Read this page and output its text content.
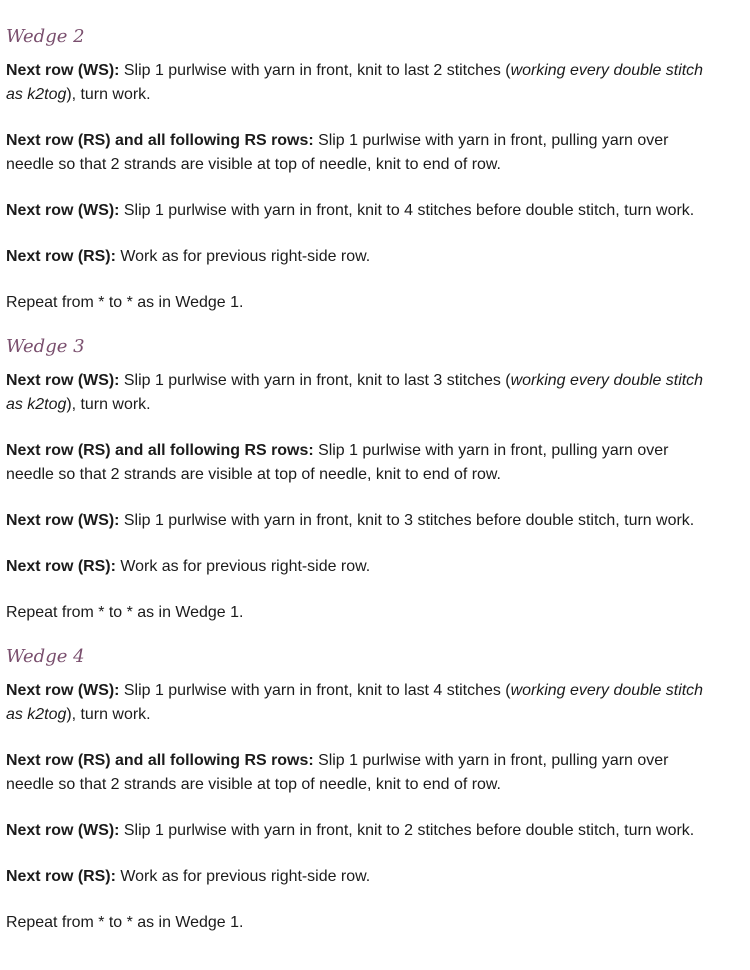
Wedge 2

Next row (WS): Slip 1 purlwise with yarn in front, knit to last 2 stitches (working every double stitch
as k2tog), turn work.

Next row (RS) and all following RS rows: Slip 1 purlwise with yarn in front, pulling yarn over
needle so that 2 strands are visible at top of needle, knit to end of row.

Next row (WS): Slip 1 purlwise with yarn in front, knit to 4 stitches before double stitch, turn work.

Next row (RS): Work as for previous right-side row.

Repeat from * to * as in Wedge 1.

Wedge 3

Next row (WS): Slip 1 purlwise with yarn in front, knit to last 3 stitches (working every double stitch
as k2tog), turn work.

Next row (RS) and all following RS rows: Slip 1 purlwise with yarn in front, pulling yarn over
needle so that 2 strands are visible at top of needle, knit to end of row.

Next row (WS): Slip 1 purlwise with yarn in front, knit to 3 stitches before double stitch, turn work.

Next row (RS): Work as for previous right-side row.

Repeat from * to * as in Wedge 1.

Wedge 4

Next row (WS): Slip 1 purlwise with yarn in front, knit to last 4 stitches (working every double stitch
as k2tog), turn work.

Next row (RS) and all following RS rows: Slip 1 purlwise with yarn in front, pulling yarn over
needle so that 2 strands are visible at top of needle, knit to end of row.

Next row (WS): Slip 1 purlwise with yarn in front, knit to 2 stitches before double stitch, turn work.

Next row (RS): Work as for previous right-side row.

Repeat from * to * as in Wedge 1.
